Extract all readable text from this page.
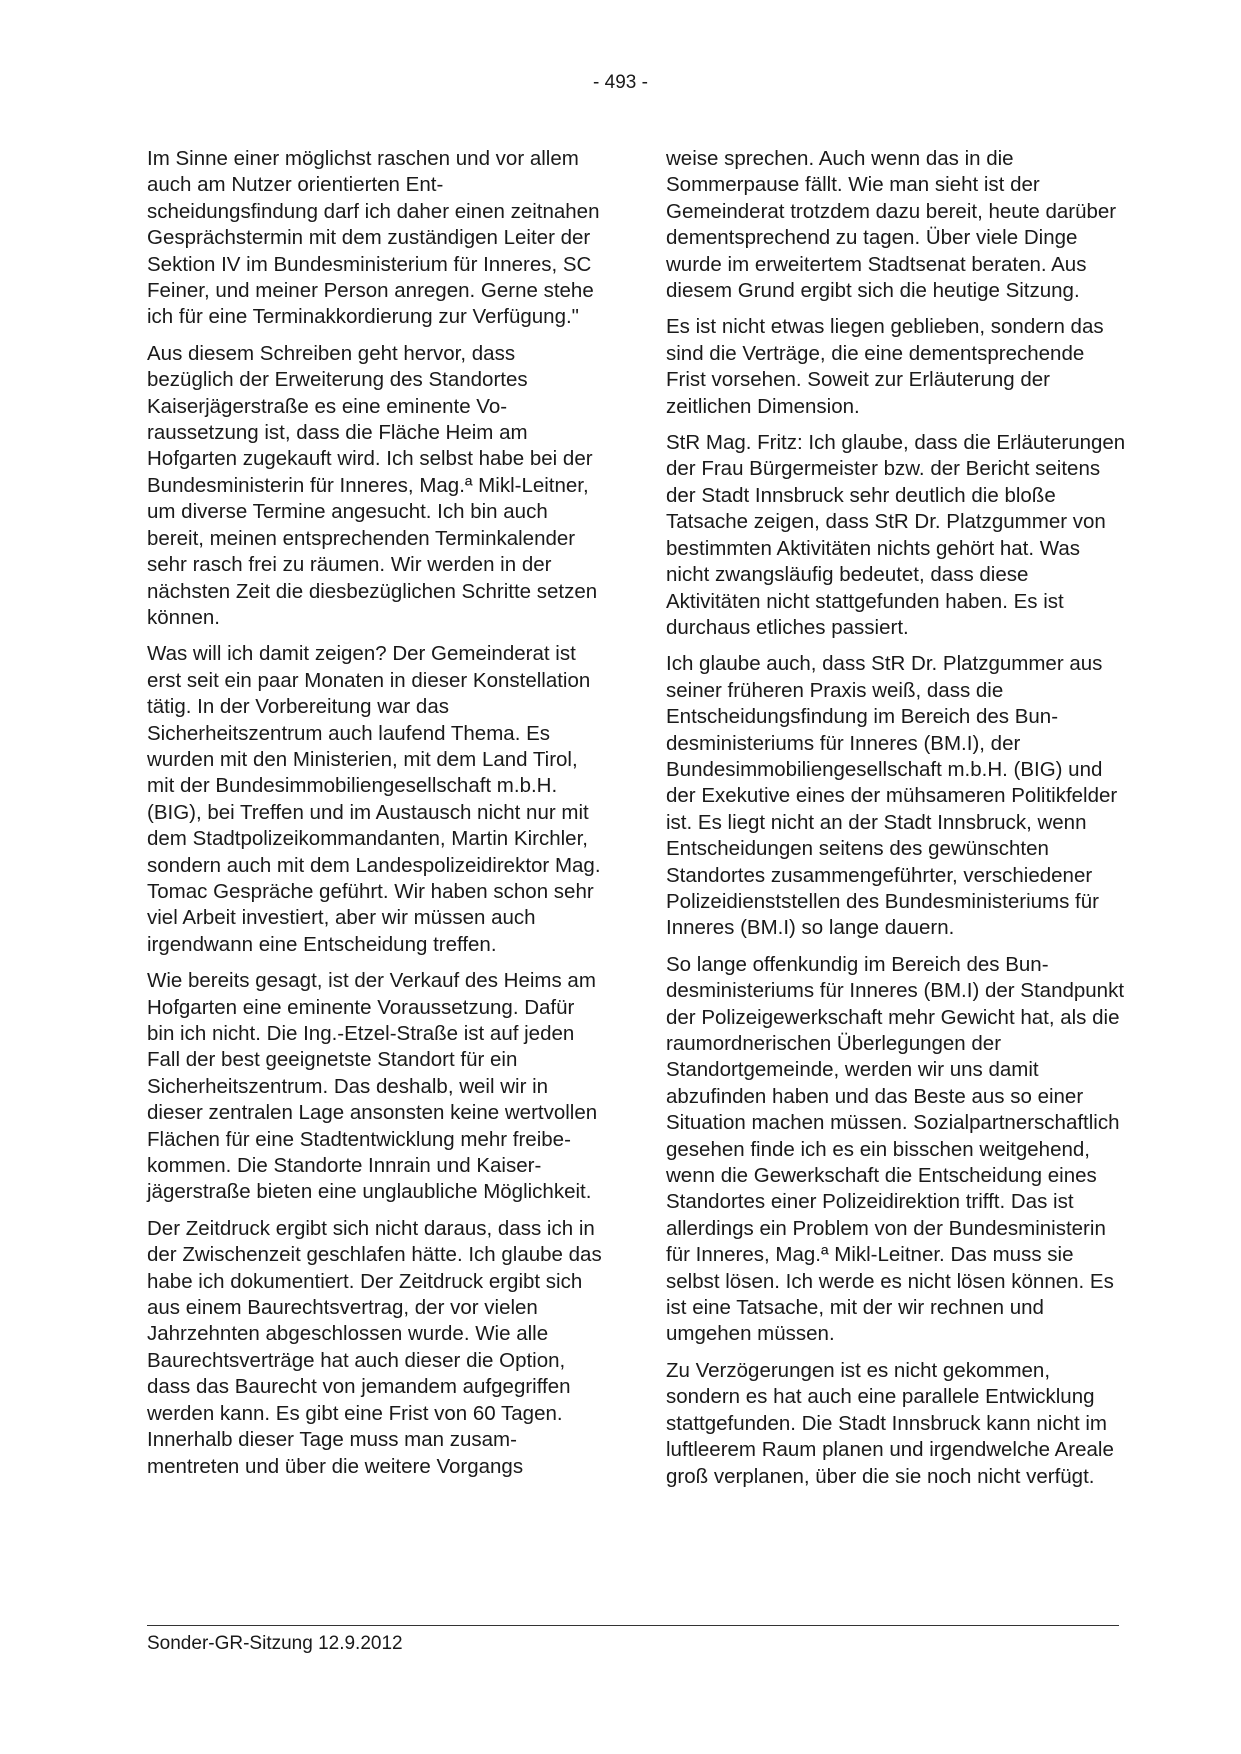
- 493 -

Im Sinne einer möglichst raschen und vor allem auch am Nutzer orientierten Entscheidungsfindung darf ich daher einen zeitnahen Gesprächstermin mit dem zuständigen Leiter der Sektion IV im Bundesministerium für Inneres, SC Feiner, und meiner Person anregen. Gerne stehe ich für eine Terminakkordierung zur Verfügung."

Aus diesem Schreiben geht hervor, dass bezüglich der Erweiterung des Standortes Kaiserjägerstraße es eine eminente Voraussetzung ist, dass die Fläche Heim am Hofgarten zugekauft wird. Ich selbst habe bei der Bundesministerin für Inneres, Mag.ª Mikl-Leitner, um diverse Termine angesucht. Ich bin auch bereit, meinen entsprechenden Terminkalender sehr rasch frei zu räumen. Wir werden in der nächsten Zeit die diesbezüglichen Schritte setzen können.

Was will ich damit zeigen? Der Gemeinderat ist erst seit ein paar Monaten in dieser Konstellation tätig. In der Vorbereitung war das Sicherheitszentrum auch laufend Thema. Es wurden mit den Ministerien, mit dem Land Tirol, mit der Bundesimmobiliengesellschaft m.b.H. (BIG), bei Treffen und im Austausch nicht nur mit dem Stadtpolizeikommandanten, Martin Kirchler, sondern auch mit dem Landespolizeidirektor Mag. Tomac Gespräche geführt. Wir haben schon sehr viel Arbeit investiert, aber wir müssen auch irgendwann eine Entscheidung treffen.

Wie bereits gesagt, ist der Verkauf des Heims am Hofgarten eine eminente Voraussetzung. Dafür bin ich nicht. Die Ing.-Etzel-Straße ist auf jeden Fall der best geeignetste Standort für ein Sicherheitszentrum. Das deshalb, weil wir in dieser zentralen Lage ansonsten keine wertvollen Flächen für eine Stadtentwicklung mehr freibekommen. Die Standorte Innrain und Kaiserjägerstraße bieten eine unglaubliche Möglichkeit.

Der Zeitdruck ergibt sich nicht daraus, dass ich in der Zwischenzeit geschlafen hätte. Ich glaube das habe ich dokumentiert. Der Zeitdruck ergibt sich aus einem Baurechtsvertrag, der vor vielen Jahrzehnten abgeschlossen wurde. Wie alle Baurechtsverträge hat auch dieser die Option, dass das Baurecht von jemandem aufgegriffen werden kann. Es gibt eine Frist von 60 Tagen. Innerhalb dieser Tage muss man zusammentreten und über die weitere Vorgangs

weise sprechen. Auch wenn das in die Sommerpause fällt. Wie man sieht ist der Gemeinderat trotzdem dazu bereit, heute darüber dementsprechend zu tagen. Über viele Dinge wurde im erweitertem Stadtsenat beraten. Aus diesem Grund ergibt sich die heutige Sitzung.

Es ist nicht etwas liegen geblieben, sondern das sind die Verträge, die eine dementsprechende Frist vorsehen. Soweit zur Erläuterung der zeitlichen Dimension.

StR Mag. Fritz: Ich glaube, dass die Erläuterungen der Frau Bürgermeister bzw. der Bericht seitens der Stadt Innsbruck sehr deutlich die bloße Tatsache zeigen, dass StR Dr. Platzgummer von bestimmten Aktivitäten nichts gehört hat. Was nicht zwangsläufig bedeutet, dass diese Aktivitäten nicht stattgefunden haben. Es ist durchaus etliches passiert.

Ich glaube auch, dass StR Dr. Platzgummer aus seiner früheren Praxis weiß, dass die Entscheidungsfindung im Bereich des Bundesministeriums für Inneres (BM.I), der Bundesimmobiliengesellschaft m.b.H. (BIG) und der Exekutive eines der mühsameren Politikfelder ist. Es liegt nicht an der Stadt Innsbruck, wenn Entscheidungen seitens des gewünschten Standortes zusammengeführter, verschiedener Polizeidienststellen des Bundesministeriums für Inneres (BM.I) so lange dauern.

So lange offenkundig im Bereich des Bundesministeriums für Inneres (BM.I) der Standpunkt der Polizeigewerkschaft mehr Gewicht hat, als die raumordnerischen Überlegungen der Standortgemeinde, werden wir uns damit abzufinden haben und das Beste aus so einer Situation machen müssen. Sozialpartnerschaftlich gesehen finde ich es ein bisschen weitgehend, wenn die Gewerkschaft die Entscheidung eines Standortes einer Polizeidirektion trifft. Das ist allerdings ein Problem von der Bundesministerin für Inneres, Mag.ª Mikl-Leitner. Das muss sie selbst lösen. Ich werde es nicht lösen können. Es ist eine Tatsache, mit der wir rechnen und umgehen müssen.

Zu Verzögerungen ist es nicht gekommen, sondern es hat auch eine parallele Entwicklung stattgefunden. Die Stadt Innsbruck kann nicht im luftleerem Raum planen und irgendwelche Areale groß verplanen, über die sie noch nicht verfügt.

Sonder-GR-Sitzung 12.9.2012
